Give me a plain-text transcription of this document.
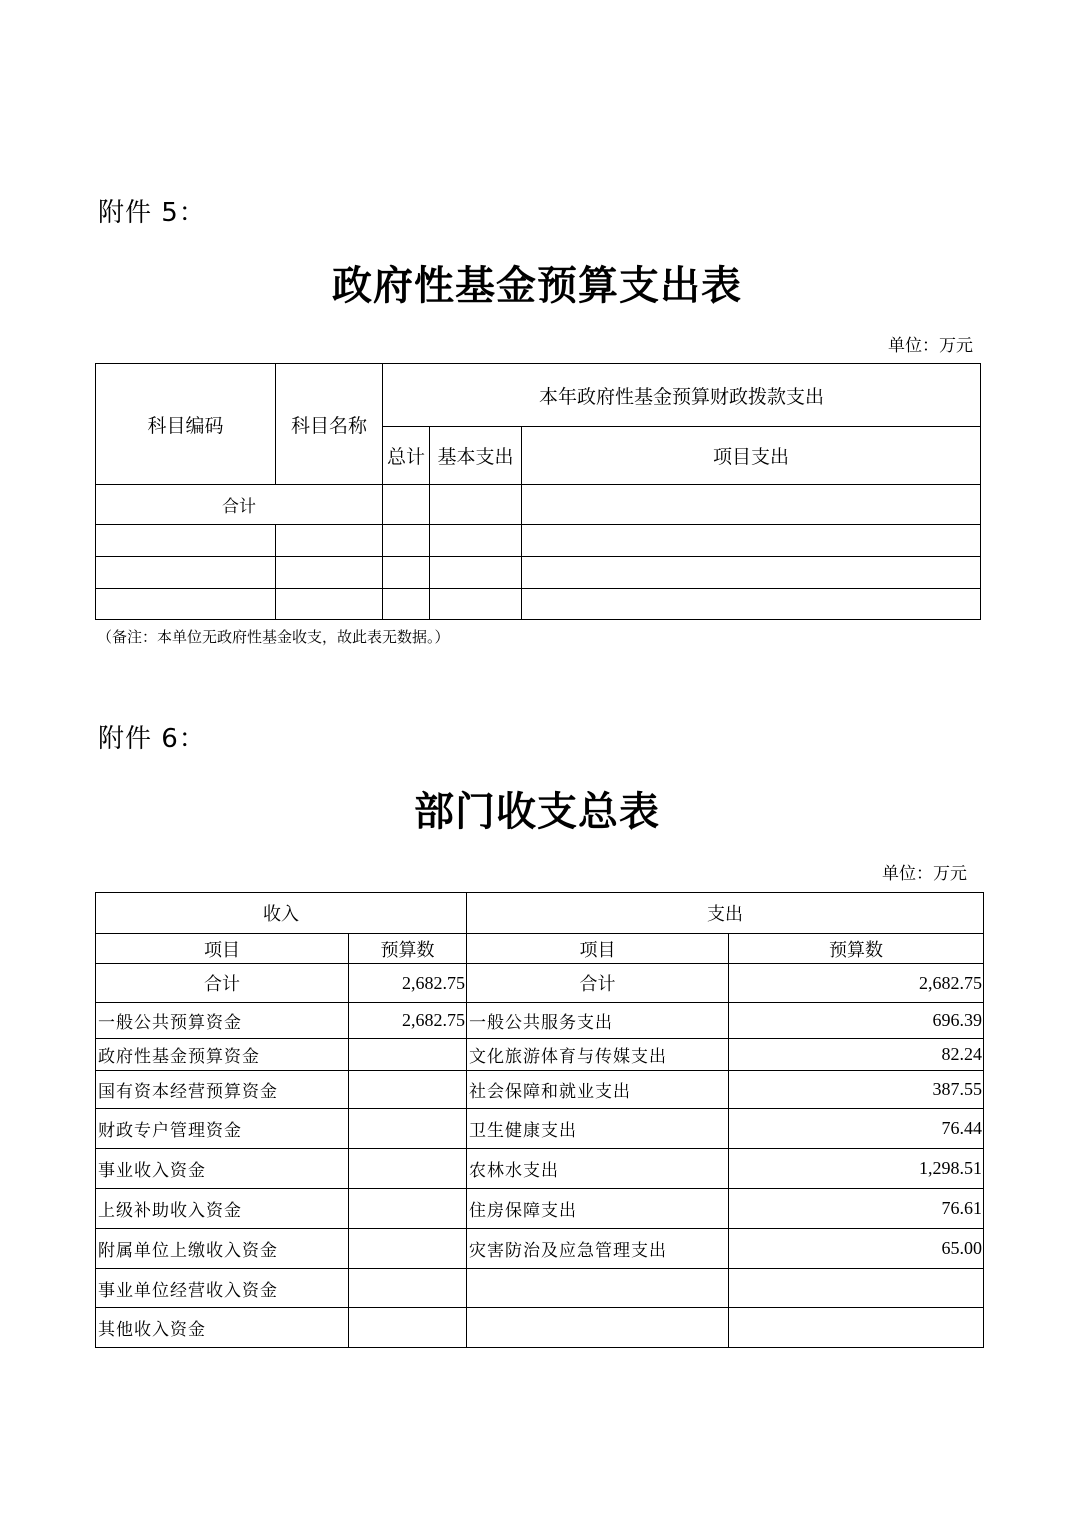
附件 5：
政府性基金预算支出表
单位：万元
科目编码	科目名称	本年政府性基金预算财政拨款支出		
		总计	基本支出	项目支出
合计				

（备注：本单位无政府性基金收支，故此表无数据。）
附件 6：
部门收支总表
单位：万元
收入		支出	
项目	预算数	项目	预算数
合计	2,682.75	合计	2,682.75
一般公共预算资金	2,682.75	一般公共服务支出	696.39
政府性基金预算资金		文化旅游体育与传媒支出	82.24
国有资本经营预算资金		社会保障和就业支出	387.55
财政专户管理资金		卫生健康支出	76.44
事业收入资金		农林水支出	1,298.51
上级补助收入资金		住房保障支出	76.61
附属单位上缴收入资金		灾害防治及应急管理支出	65.00
事业单位经营收入资金			
其他收入资金			
